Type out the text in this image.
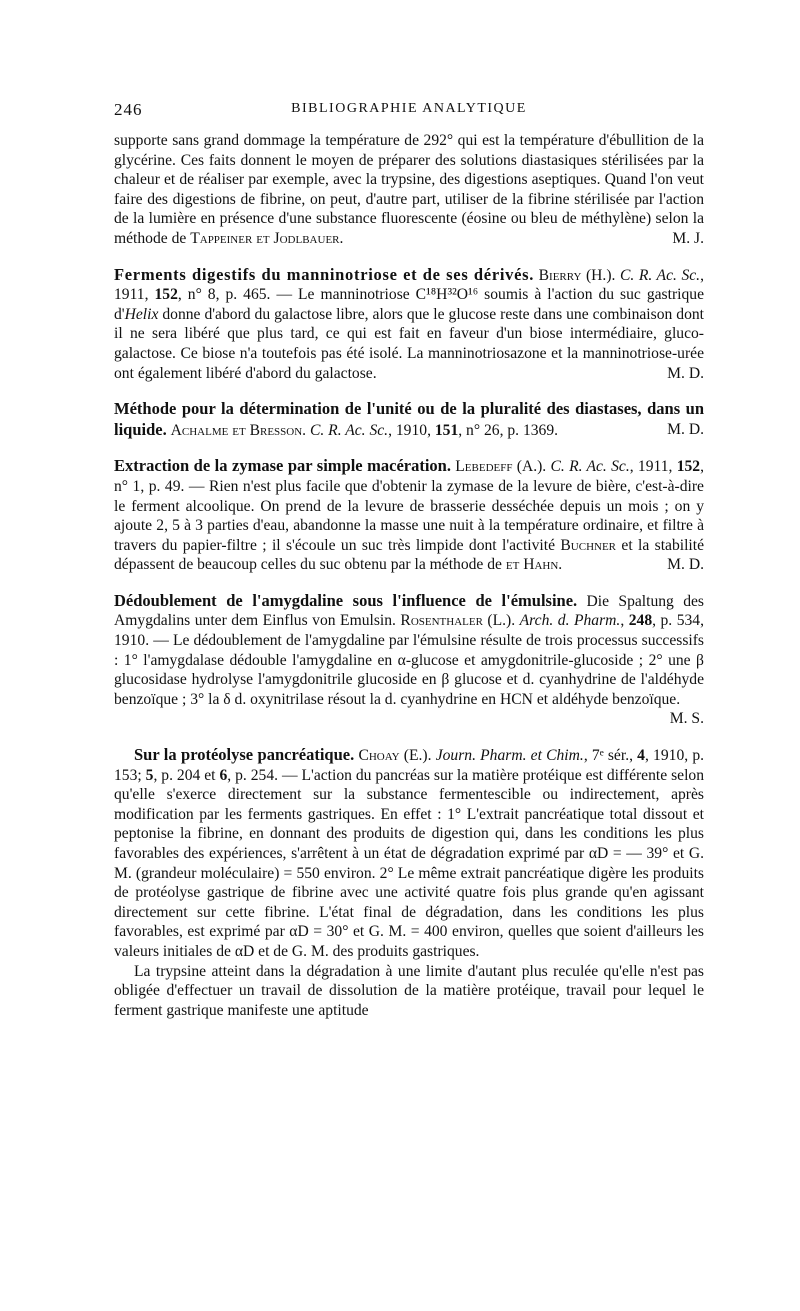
246	BIBLIOGRAPHIE ANALYTIQUE
supporte sans grand dommage la température de 292° qui est la température d'ébullition de la glycérine. Ces faits donnent le moyen de préparer des solutions diastasiques stérilisées par la chaleur et de réaliser par exemple, avec la trypsine, des digestions aseptiques. Quand l'on veut faire des digestions de fibrine, on peut, d'autre part, utiliser de la fibrine stérilisée par l'action de la lumière en présence d'une substance fluorescente (éosine ou bleu de méthylène) selon la méthode de Tappeiner et Jodlbauer.	M. J.
Ferments digestifs du manninotriose et de ses dérivés. Bierry (H.). C. R. Ac. Sc., 1911, 152, n° 8, p. 465. — Le manninotriose C¹⁸H³²O¹⁶ soumis à l'action du suc gastrique d'Helix donne d'abord du galactose libre, alors que le glucose reste dans une combinaison dont il ne sera libéré que plus tard, ce qui est fait en faveur d'un biose intermédiaire, gluco-galactose. Ce biose n'a toutefois pas été isolé. La manninotriosazone et la manninotriose-urée ont également libéré d'abord du galactose.	M. D.
Méthode pour la détermination de l'unité ou de la pluralité des diastases, dans un liquide. Achalme et Bresson. C. R. Ac. Sc., 1910, 151, n° 26, p. 1369.	M. D.
Extraction de la zymase par simple macération. Lebedeff (A.). C. R. Ac. Sc., 1911, 152, n° 1, p. 49. — Rien n'est plus facile que d'obtenir la zymase de la levure de bière, c'est-à-dire le ferment alcoolique. On prend de la levure de brasserie desséchée depuis un mois ; on y ajoute 2, 5 à 3 parties d'eau, abandonne la masse une nuit à la température ordinaire, et filtre à travers du papier-filtre ; il s'écoule un suc très limpide dont l'activité Buchner et la stabilité dépassent de beaucoup celles du suc obtenu par la méthode de et Hahn.	M. D.
Dédoublement de l'amygdaline sous l'influence de l'émulsine. Die Spaltung des Amygdalins unter dem Einflus von Emulsin. Rosenthaler (L.). Arch. d. Pharm., 248, p. 534, 1910. — Le dédoublement de l'amygdaline par l'émulsine résulte de trois processus successifs : 1° l'amygdalase dédouble l'amygdaline en α-glucose et amygdonitrile-glucoside ; 2° une β glucosidase hydrolyse l'amygdonitrile glucoside en β glucose et d. cyanhydrine de l'aldéhyde benzoïque ; 3° la δ d. oxynitrilase résout la d. cyanhydrine en HCN et aldéhyde benzoïque.
M. S.

Sur la protéolyse pancréatique. Choay (E.). Journ. Pharm. et Chim., 7ᵉ sér., 4, 1910, p. 153; 5, p. 204 et 6, p. 254. — L'action du pancréas sur la matière protéique est différente selon qu'elle s'exerce directement sur la substance fermentescible ou indirectement, après modification par les ferments gastriques. En effet : 1° L'extrait pancréatique total dissout et peptonise la fibrine, en donnant des produits de digestion qui, dans les conditions les plus favorables des expériences, s'arrêtent à un état de dégradation exprimé par αD = — 39° et G. M. (grandeur moléculaire) = 550 environ. 2° Le même extrait pancréatique digère les produits de protéolyse gastrique de fibrine avec une activité quatre fois plus grande qu'en agissant directement sur cette fibrine. L'état final de dégradation, dans les conditions les plus favorables, est exprimé par αD = 30° et G. M. = 400 environ, quelles que soient d'ailleurs les valeurs initiales de αD et de G. M. des produits gastriques.

La trypsine atteint dans la dégradation à une limite d'autant plus reculée qu'elle n'est pas obligée d'effectuer un travail de dissolution de la matière protéique, travail pour lequel le ferment gastrique manifeste une aptitude
